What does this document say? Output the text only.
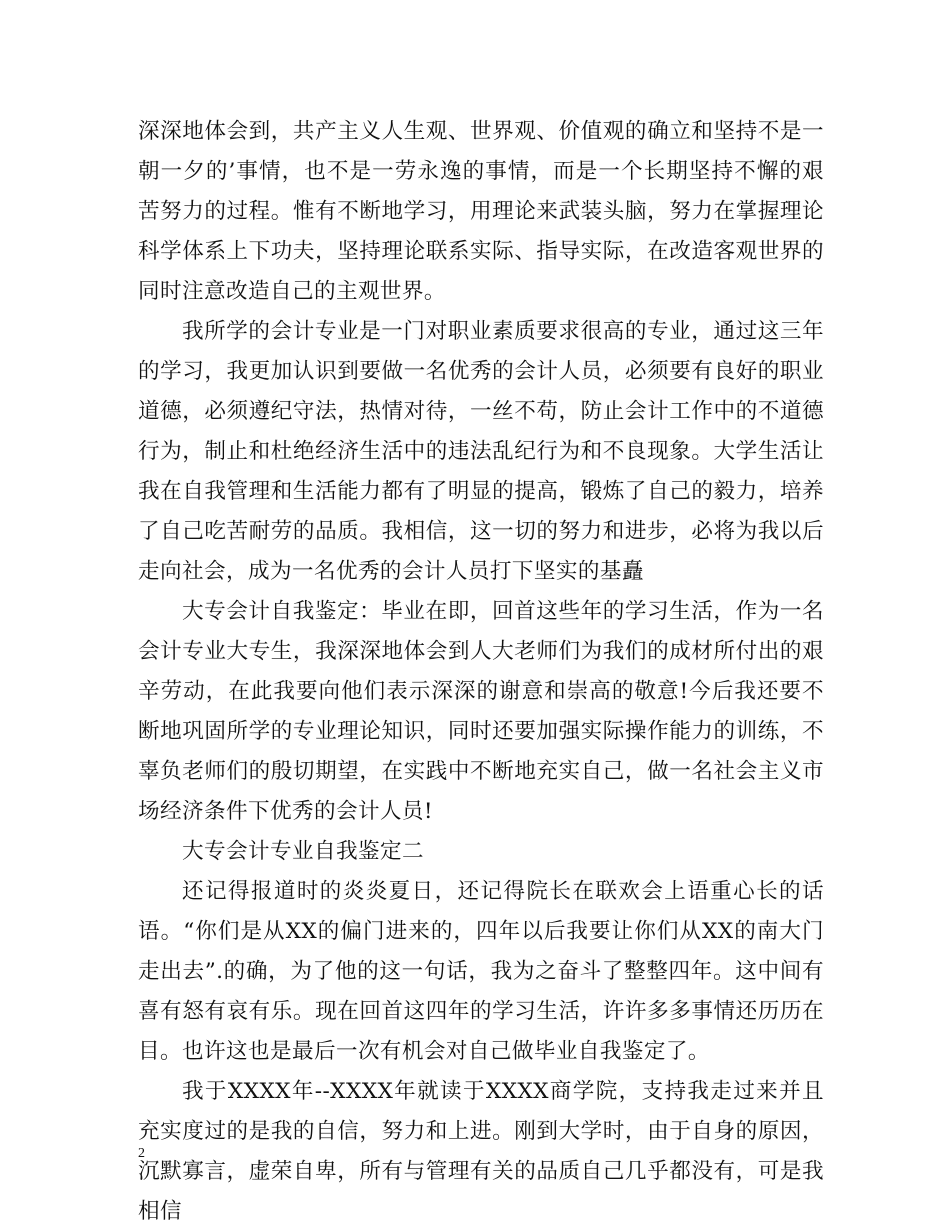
深深地体会到，共产主义人生观、世界观、价值观的确立和坚持不是一朝一夕的’事情，也不是一劳永逸的事情，而是一个长期坚持不懈的艰苦努力的过程。惟有不断地学习，用理论来武装头脑，努力在掌握理论科学体系上下功夫，坚持理论联系实际、指导实际，在改造客观世界的同时注意改造自己的主观世界。

我所学的会计专业是一门对职业素质要求很高的专业，通过这三年的学习，我更加认识到要做一名优秀的会计人员，必须要有良好的职业道德，必须遵纪守法，热情对待，一丝不苟，防止会计工作中的不道德行为，制止和杜绝经济生活中的违法乱纪行为和不良现象。大学生活让我在自我管理和生活能力都有了明显的提高，锻炼了自己的毅力，培养了自己吃苦耐劳的品质。我相信，这一切的努力和进步，必将为我以后走向社会，成为一名优秀的会计人员打下坚实的基矗

大专会计自我鉴定：毕业在即，回首这些年的学习生活，作为一名会计专业大专生，我深深地体会到人大老师们为我们的成材所付出的艰辛劳动，在此我要向他们表示深深的谢意和崇高的敬意!今后我还要不断地巩固所学的专业理论知识，同时还要加强实际操作能力的训练，不辜负老师们的殷切期望，在实践中不断地充实自己，做一名社会主义市场经济条件下优秀的会计人员!

大专会计专业自我鉴定二

还记得报道时的炎炎夏日，还记得院长在联欢会上语重心长的话语。“你们是从XX的偏门进来的，四年以后我要让你们从XX的南大门走出去”.的确，为了他的这一句话，我为之奋斗了整整四年。这中间有喜有怒有哀有乐。现在回首这四年的学习生活，许许多多事情还历历在目。也许这也是最后一次有机会对自己做毕业自我鉴定了。

我于XXXX年--XXXX年就读于XXXX商学院，支持我走过来并且充实度过的是我的自信，努力和上进。刚到大学时，由于自身的原因，沉默寡言，虚荣自卑，所有与管理有关的品质自己几乎都没有，可是我相信

2
